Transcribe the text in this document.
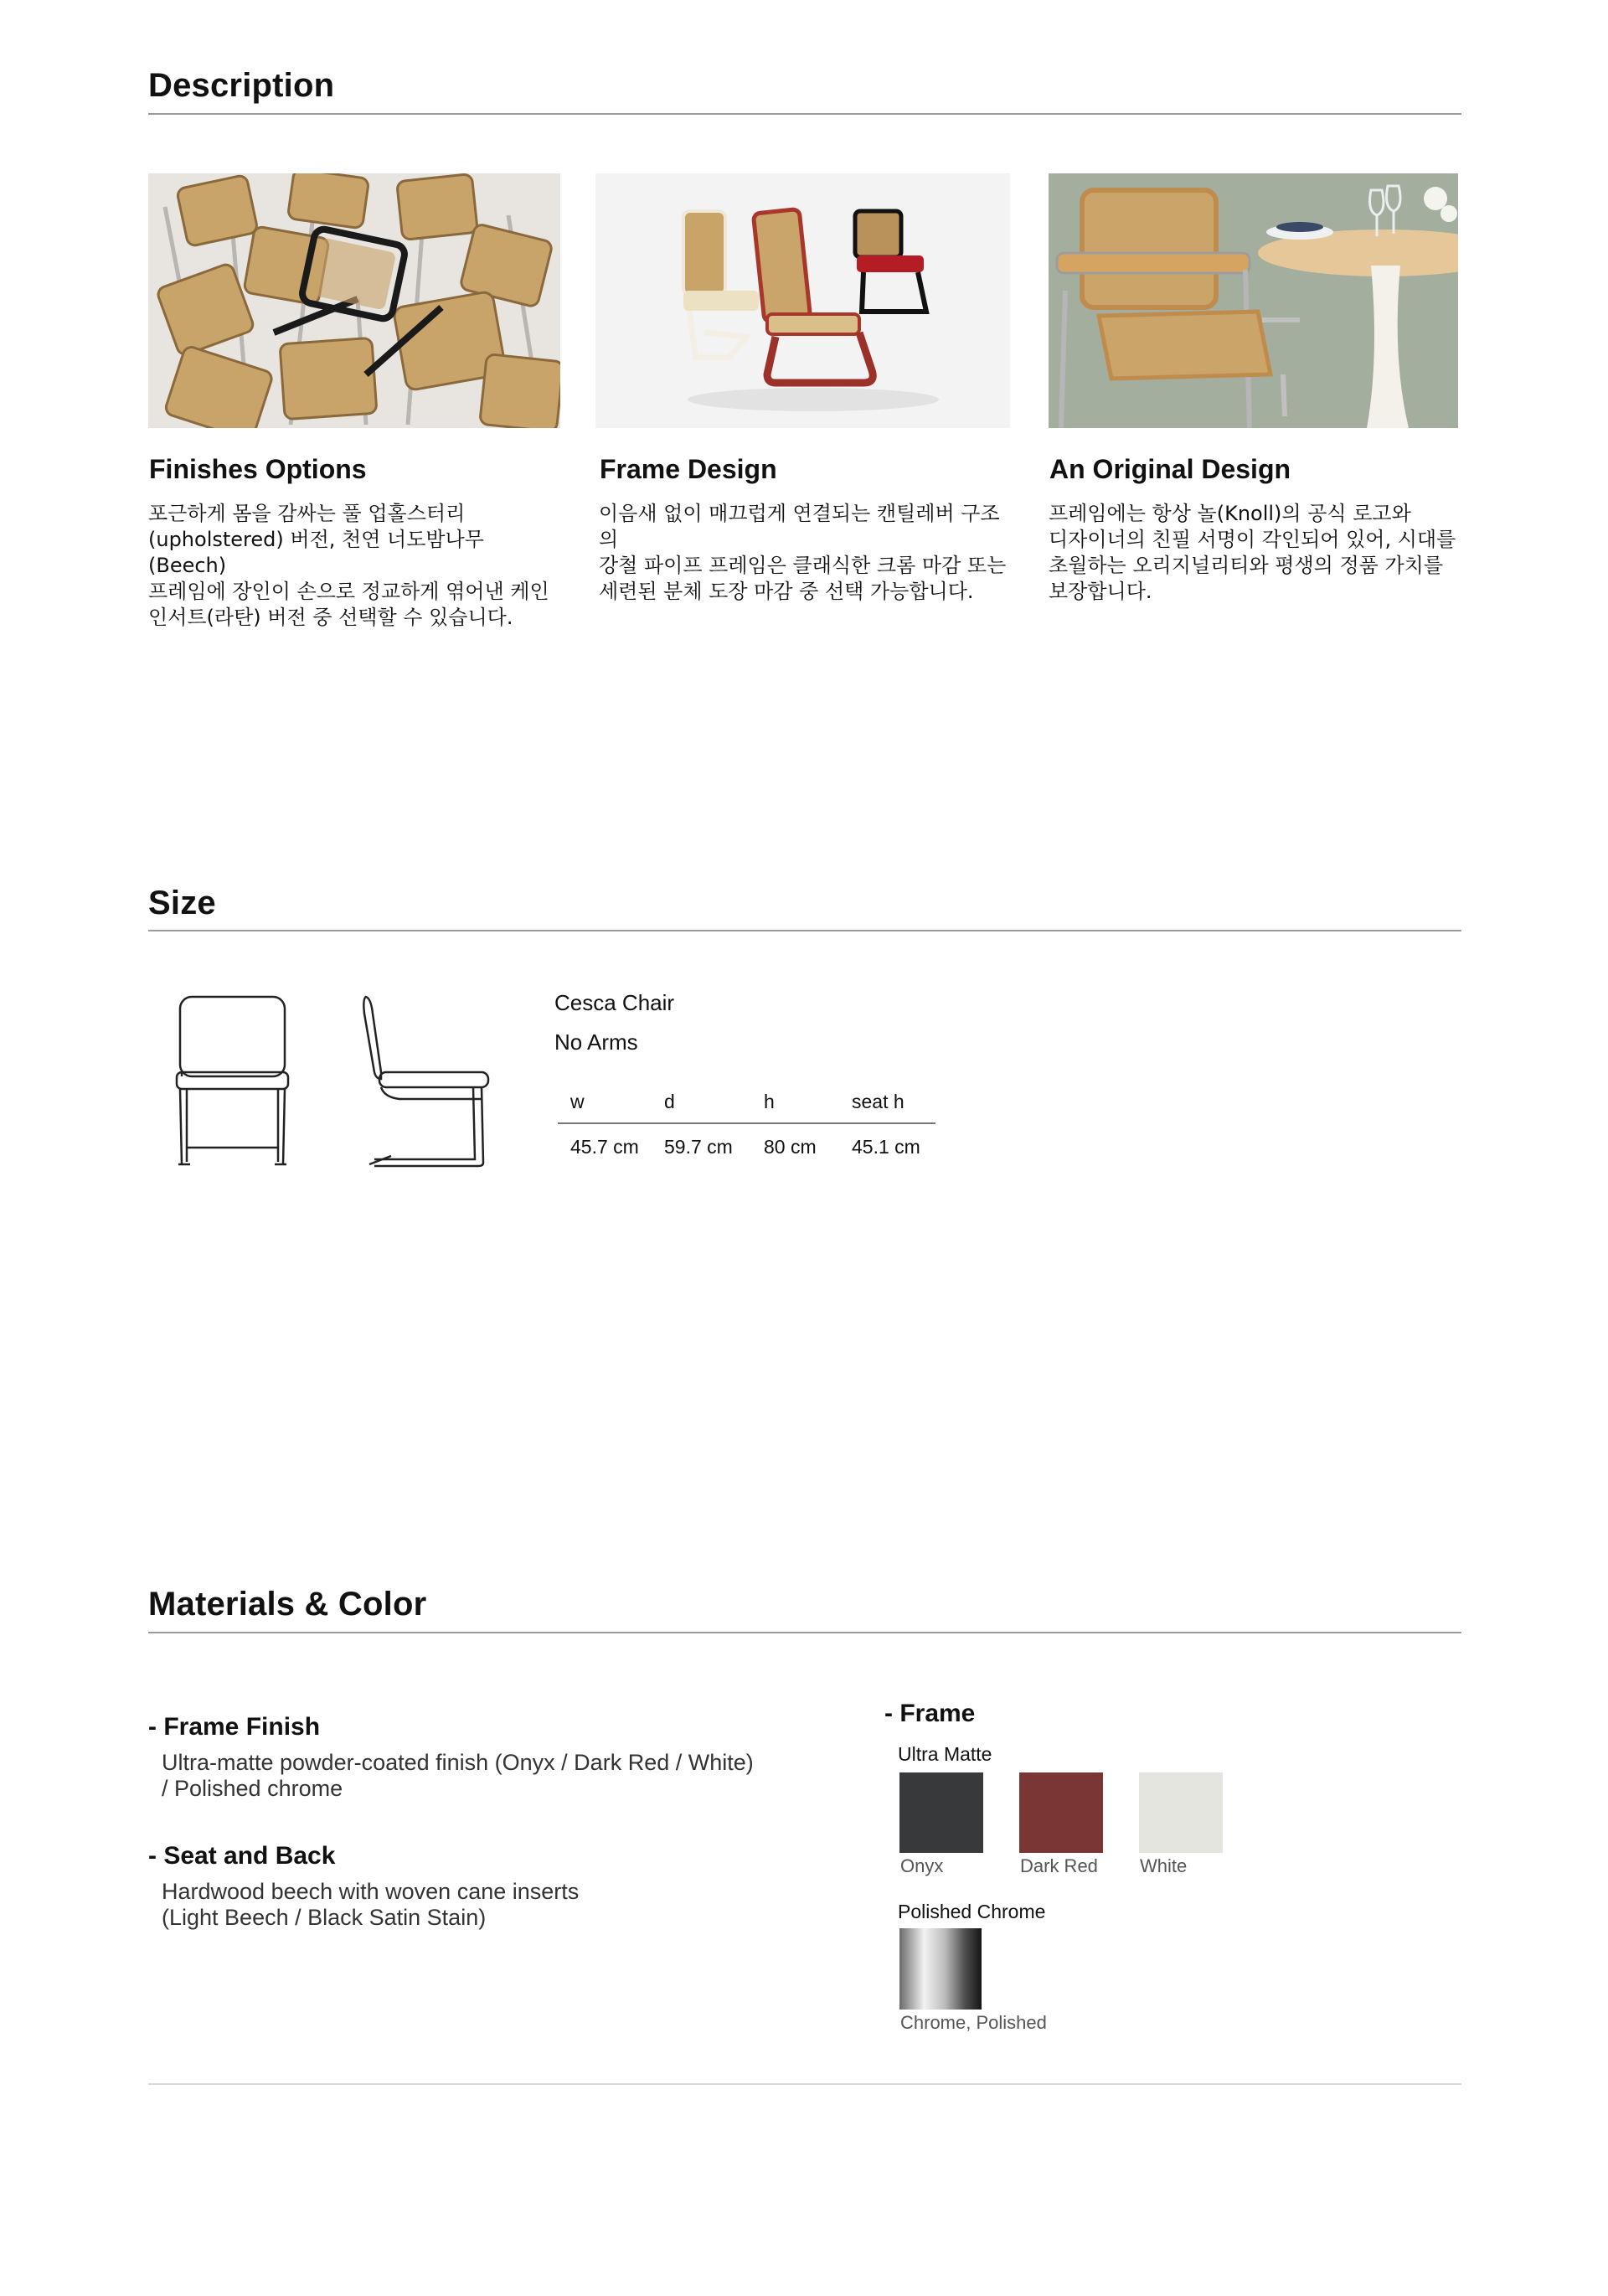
Description
Finishes Options
포근하게 몸을 감싸는 풀 업홀스터리
(upholstered) 버전, 천연 너도밤나무 (Beech)
프레임에 장인이 손으로 정교하게 엮어낸 케인
인서트(라탄) 버전 중 선택할 수 있습니다.
Frame Design
이음새 없이 매끄럽게 연결되는 캔틸레버 구조의
강철 파이프 프레임은 클래식한 크롬 마감 또는
세련된 분체 도장 마감 중 선택 가능합니다.
An Original Design
프레임에는 항상 놀(Knoll)의 공식 로고와
디자이너의 친필 서명이 각인되어 있어, 시대를
초월하는 오리지널리티와 평생의 정품 가치를
보장합니다.
Size
Cesca Chair
No Arms
w	d	h	seat h
45.7 cm	59.7 cm	80 cm	45.1 cm
Materials & Color
- Frame Finish
Ultra-matte powder-coated finish (Onyx / Dark Red / White)
/ Polished chrome
- Seat and Back
Hardwood beech with woven cane inserts
(Light Beech / Black Satin Stain)
- Frame
Ultra Matte
Onyx	Dark Red White
Polished Chrome
Chrome, Polished
